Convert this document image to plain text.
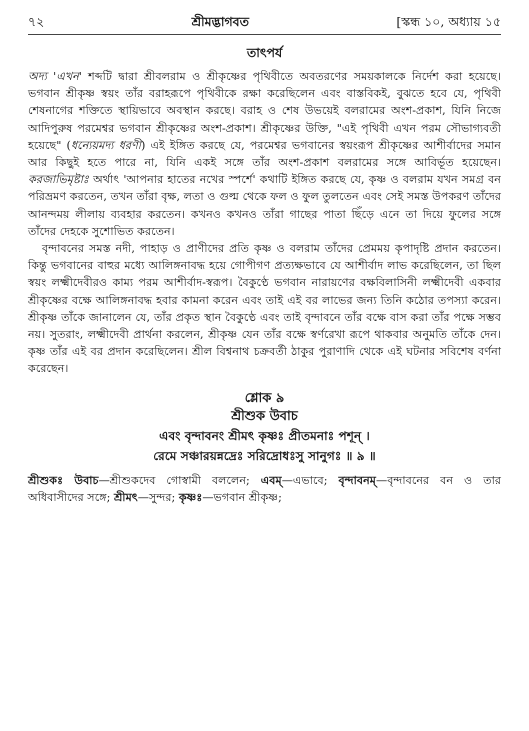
৭২	শ্রীমদ্ভাগবত	[স্কন্ধ ১০, অধ্যায় ১৫
তাৎপর্য

অদ্য 'এখন' শব্দটি দ্বারা শ্রীবলরাম ও শ্রীকৃষ্ণের পৃথিবীতে অবতরণের সময়কালকে নির্দেশ করা হয়েছে। ভগবান শ্রীকৃষ্ণ স্বয়ং তাঁর বরাহরূপে পৃথিবীকে রক্ষা করেছিলেন এবং বাস্তবিকই, বুঝতে হবে যে, পৃথিবী শেষনাগের শক্তিতে স্থায়িভাবে অবস্থান করছে। বরাহ ও শেষ উভয়েই বলরামের অংশ-প্রকাশ, যিনি নিজে আদিপুরুষ পরমেশ্বর ভগবান শ্রীকৃষ্ণের অংশ-প্রকাশ। শ্রীকৃষ্ণের উক্তি, "এই পৃথিবী এখন পরম সৌভাগ্যবতী হয়েছে" (ধন্যেয়মদ্য ধরণী) এই ইঙ্গিত করছে যে, পরমেশ্বর ভগবানের স্বয়ংরূপ শ্রীকৃষ্ণের আশীর্বাদের সমান আর কিছুই হতে পারে না, যিনি একই সঙ্গে তাঁর অংশ-প্রকাশ বলরামের সঙ্গে আবির্ভূত হয়েছেন। করজাভিমৃষ্টাঃ অর্থাৎ 'আপনার হাতের নখের স্পর্শে' কথাটি ইঙ্গিত করছে যে, কৃষ্ণ ও বলরাম যখন সমগ্র বন পরিভ্রমণ করতেন, তখন তাঁরা বৃক্ষ, লতা ও গুল্ম থেকে ফল ও ফুল তুলতেন এবং সেই সমস্ত উপকরণ তাঁদের আনন্দময় লীলায় ব্যবহার করতেন। কখনও কখনও তাঁরা গাছের পাতা ছিঁড়ে এনে তা দিয়ে ফুলের সঙ্গে তাঁদের দেহকে সুশোভিত করতেন।

বৃন্দাবনের সমস্ত নদী, পাহাড় ও প্রাণীদের প্রতি কৃষ্ণ ও বলরাম তাঁদের প্রেমময় কৃপাদৃষ্টি প্রদান করতেন। কিন্তু ভগবানের বাহুর মধ্যে আলিঙ্গনাবদ্ধ হয়ে গোপীগণ প্রত্যক্ষভাবে যে আশীর্বাদ লাভ করেছিলেন, তা ছিল স্বয়ং লক্ষ্মীদেবীরও কাম্য পরম আশীর্বাদ-স্বরূপ। বৈকুণ্ঠে ভগবান নারায়ণের বক্ষবিলাসিনী লক্ষ্মীদেবী একবার শ্রীকৃষ্ণের বক্ষে আলিঙ্গনাবদ্ধ হবার কামনা করেন এবং তাই এই বর লাভের জন্য তিনি কঠোর তপস্যা করেন। শ্রীকৃষ্ণ তাঁকে জানালেন যে, তাঁর প্রকৃত স্থান বৈকুণ্ঠে এবং তাই বৃন্দাবনে তাঁর বক্ষে বাস করা তাঁর পক্ষে সম্ভব নয়। সুতরাং, লক্ষ্মীদেবী প্রার্থনা করলেন, শ্রীকৃষ্ণ যেন তাঁর বক্ষে স্বর্ণরেখা রূপে থাকবার অনুমতি তাঁকে দেন। কৃষ্ণ তাঁর এই বর প্রদান করেছিলেন। শ্রীল বিশ্বনাথ চক্রবর্তী ঠাকুর পুরাণাদি থেকে এই ঘটনার সবিশেষ বর্ণনা করেছেন।

শ্লোক ৯
শ্রীশুক উবাচ
এবং বৃন্দাবনং শ্রীমৎ কৃষ্ণঃ প্রীতমনাঃ পশূন্ ।
রেমে সঞ্চারয়ন্নদ্রেঃ সরিদ্রোধঃসু সানুগঃ ॥ ৯ ॥
শ্রীশুকঃ উবাচ—শ্রীশুকদেব গোস্বামী বললেন; এবম্—এভাবে; বৃন্দাবনম্—বৃন্দাবনের বন ও তার অধিবাসীদের সঙ্গে; শ্রীমৎ—সুন্দর; কৃষ্ণঃ—ভগবান শ্রীকৃষ্ণ;
